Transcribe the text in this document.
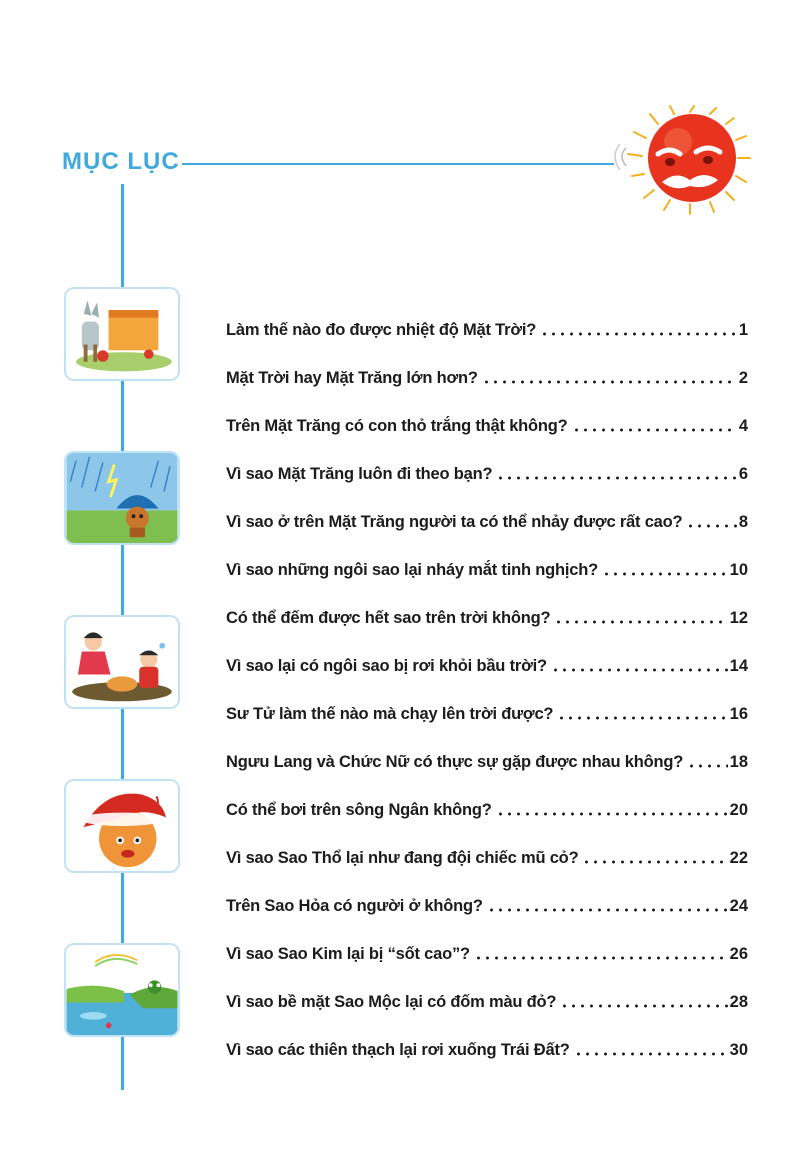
MỤC LỤC
Làm thế nào đo được nhiệt độ Mặt Trời?	1
Mặt Trời hay Mặt Trăng lớn hơn?	2
Trên Mặt Trăng có con thỏ trắng thật không?	4
Vì sao Mặt Trăng luôn đi theo bạn?	6
Vì sao ở trên Mặt Trăng người ta có thể nhảy được rất cao?	8
Vì sao những ngôi sao lại nháy mắt tinh nghịch?	10
Có thể đếm được hết sao trên trời không?	12
Vì sao lại có ngôi sao bị rơi khỏi bầu trời?	14
Sư Tử làm thế nào mà chạy lên trời được?	16
Ngưu Lang và Chức Nữ có thực sự gặp được nhau không?	18
Có thể bơi trên sông Ngân không?	20
Vì sao Sao Thổ lại như đang đội chiếc mũ cỏ?	22
Trên Sao Hỏa có người ở không?	24
Vì sao Sao Kim lại bị “sốt cao”?	26
Vì sao bề mặt Sao Mộc lại có đốm màu đỏ?	28
Vì sao các thiên thạch lại rơi xuống Trái Đất?	30
